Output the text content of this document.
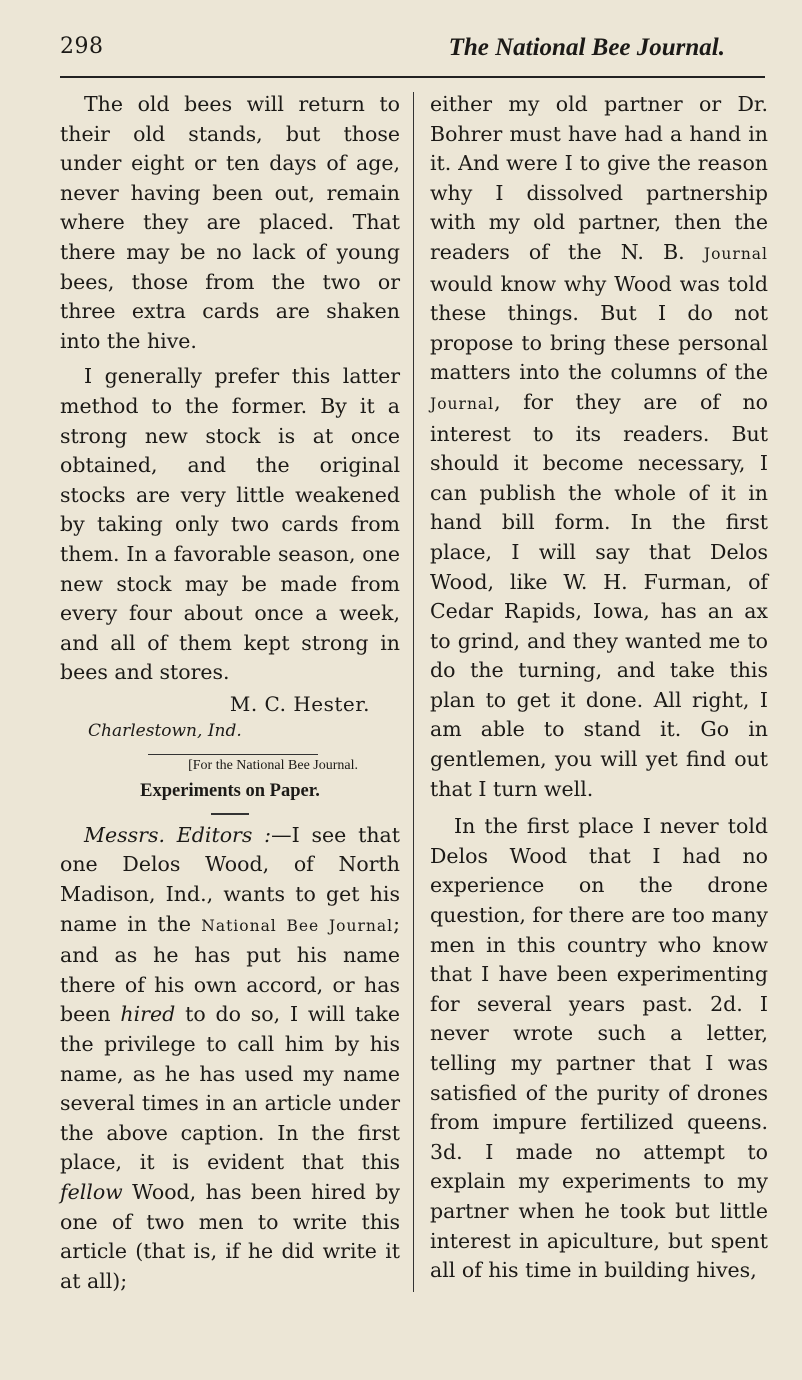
298	The National Bee Journal.

The old bees will return to their old stands, but those under eight or ten days of age, never having been out, remain where they are placed. That there may be no lack of young bees, those from the two or three extra cards are shaken into the hive.

I generally prefer this latter method to the former. By it a strong new stock is at once obtained, and the original stocks are very little weakened by taking only two cards from them. In a favorable season, one new stock may be made from every four about once a week, and all of them kept strong in bees and stores.

M. C. Hester.
Charlestown, Ind.
[For the National Bee Journal.
Experiments on Paper.

Messrs. Editors :—I see that one Delos Wood, of North Madison, Ind., wants to get his name in the National Bee Journal; and as he has put his name there of his own accord, or has been hired to do so, I will take the privilege to call him by his name, as he has used my name several times in an article under the above caption. In the first place, it is evident that this fellow Wood, has been hired by one of two men to write this article (that is, if he did write it at all);

either my old partner or Dr. Bohrer must have had a hand in it. And were I to give the reason why I dissolved partnership with my old partner, then the readers of the N. B. Journal would know why Wood was told these things. But I do not propose to bring these personal matters into the columns of the Journal, for they are of no interest to its readers. But should it become necessary, I can publish the whole of it in hand bill form. In the first place, I will say that Delos Wood, like W. H. Furman, of Cedar Rapids, Iowa, has an ax to grind, and they wanted me to do the turning, and take this plan to get it done. All right, I am able to stand it. Go in gentlemen, you will yet find out that I turn well.

In the first place I never told Delos Wood that I had no experience on the drone question, for there are too many men in this country who know that I have been experimenting for several years past. 2d. I never wrote such a letter, telling my partner that I was satisfied of the purity of drones from impure fertilized queens. 3d. I made no attempt to explain my experiments to my partner when he took but little interest in apiculture, but spent all of his time in building hives,
